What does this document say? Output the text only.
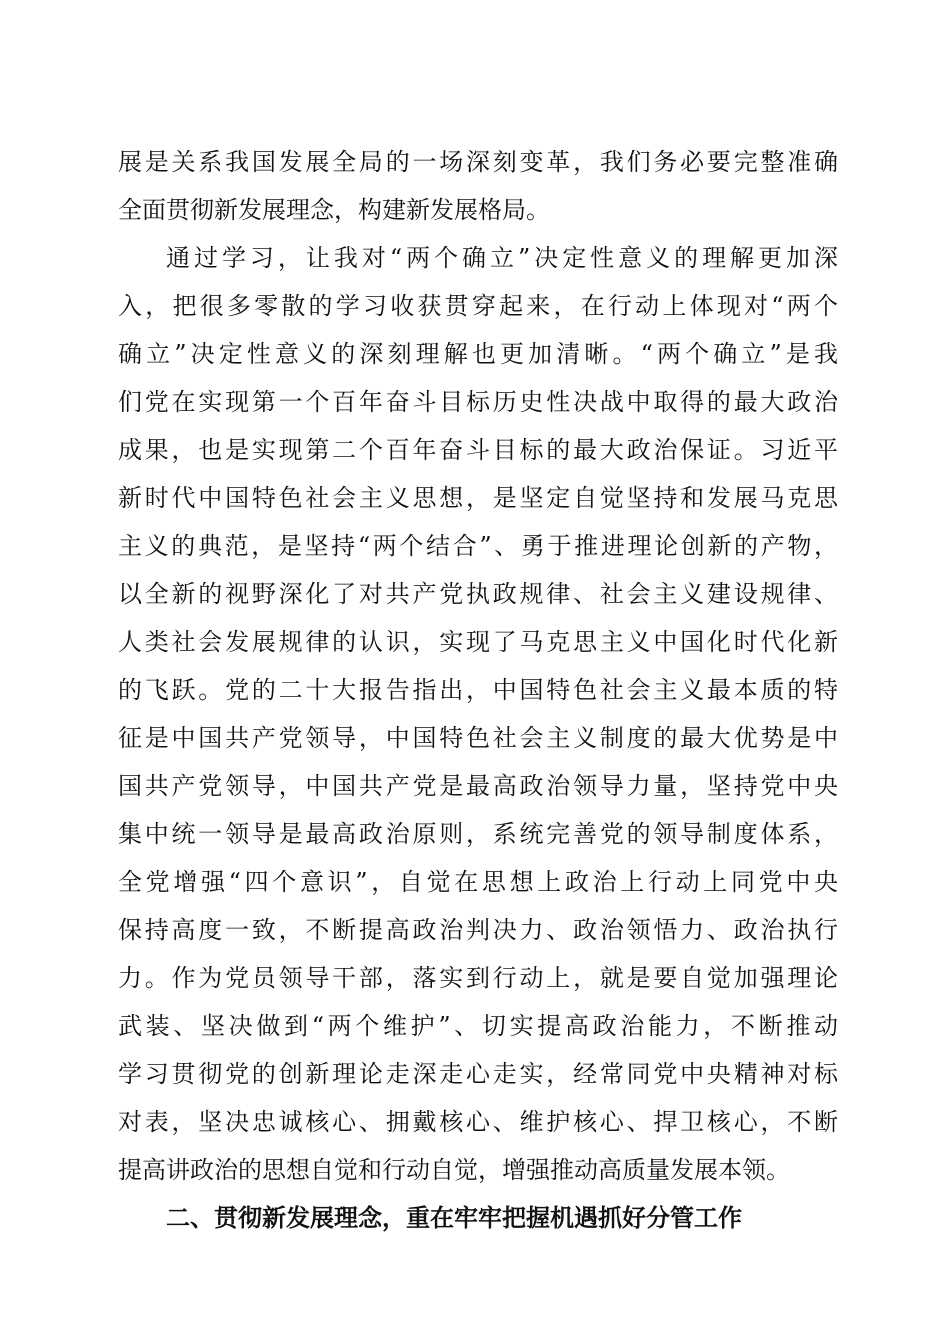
展是关系我国发展全局的一场深刻变革，我们务必要完整准确
全面贯彻新发展理念，构建新发展格局。
通过学习，让我对“两个确立”决定性意义的理解更加深
入，把很多零散的学习收获贯穿起来，在行动上体现对“两个
确立”决定性意义的深刻理解也更加清晰。“两个确立”是我
们党在实现第一个百年奋斗目标历史性决战中取得的最大政治
成果，也是实现第二个百年奋斗目标的最大政治保证。习近平
新时代中国特色社会主义思想，是坚定自觉坚持和发展马克思
主义的典范，是坚持“两个结合”、勇于推进理论创新的产物，
以全新的视野深化了对共产党执政规律、社会主义建设规律、
人类社会发展规律的认识，实现了马克思主义中国化时代化新
的飞跃。党的二十大报告指出，中国特色社会主义最本质的特
征是中国共产党领导，中国特色社会主义制度的最大优势是中
国共产党领导，中国共产党是最高政治领导力量，坚持党中央
集中统一领导是最高政治原则，系统完善党的领导制度体系，
全党增强“四个意识”，自觉在思想上政治上行动上同党中央
保持高度一致，不断提高政治判决力、政治领悟力、政治执行
力。作为党员领导干部，落实到行动上，就是要自觉加强理论
武装、坚决做到“两个维护”、切实提高政治能力，不断推动
学习贯彻党的创新理论走深走心走实，经常同党中央精神对标
对表，坚决忠诚核心、拥戴核心、维护核心、捍卫核心，不断
提高讲政治的思想自觉和行动自觉，增强推动高质量发展本领。
二、贯彻新发展理念，重在牢牢把握机遇抓好分管工作
